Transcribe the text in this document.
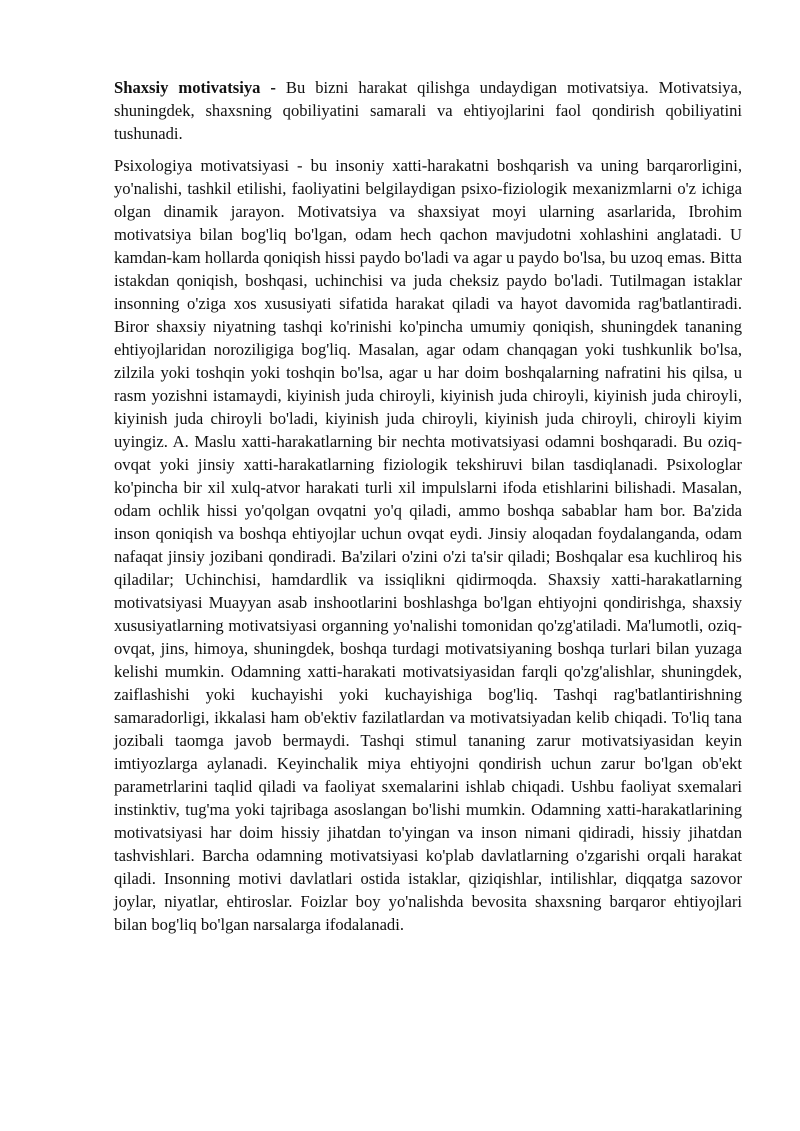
Shaxsiy motivatsiya - Bu bizni harakat qilishga undaydigan motivatsiya. Motivatsiya, shuningdek, shaxsning qobiliyatini samarali va ehtiyojlarini faol qondirish qobiliyatini tushunadi.

Psixologiya motivatsiyasi - bu insoniy xatti-harakatni boshqarish va uning barqarorligini, yo'nalishi, tashkil etilishi, faoliyatini belgilaydigan psixo-fiziologik mexanizmlarni o'z ichiga olgan dinamik jarayon. Motivatsiya va shaxsiyat moyi ularning asarlarida, Ibrohim motivatsiya bilan bog'liq bo'lgan, odam hech qachon mavjudotni xohlashini anglatadi. U kamdan-kam hollarda qoniqish hissi paydo bo'ladi va agar u paydo bo'lsa, bu uzoq emas. Bitta istakdan qoniqish, boshqasi, uchinchisi va juda cheksiz paydo bo'ladi. Tutilmagan istaklar insonning o'ziga xos xususiyati sifatida harakat qiladi va hayot davomida rag'batlantiradi. Biror shaxsiy niyatning tashqi ko'rinishi ko'pincha umumiy qoniqish, shuningdek tananing ehtiyojlaridan noroziligiga bog'liq. Masalan, agar odam chanqagan yoki tushkunlik bo'lsa, zilzila yoki toshqin yoki toshqin bo'lsa, agar u har doim boshqalarning nafratini his qilsa, u rasm yozishni istamaydi, kiyinish juda chiroyli, kiyinish juda chiroyli, kiyinish juda chiroyli, kiyinish juda chiroyli bo'ladi, kiyinish juda chiroyli, kiyinish juda chiroyli, chiroyli kiyim uyingiz. A. Maslu xatti-harakatlarning bir nechta motivatsiyasi odamni boshqaradi. Bu oziq-ovqat yoki jinsiy xatti-harakatlarning fiziologik tekshiruvi bilan tasdiqlanadi. Psixologlar ko'pincha bir xil xulq-atvor harakati turli xil impulslarni ifoda etishlarini bilishadi. Masalan, odam ochlik hissi yo'qolgan ovqatni yo'q qiladi, ammo boshqa sabablar ham bor. Ba'zida inson qoniqish va boshqa ehtiyojlar uchun ovqat eydi. Jinsiy aloqadan foydalanganda, odam nafaqat jinsiy jozibani qondiradi. Ba'zilari o'zini o'zi ta'sir qiladi; Boshqalar esa kuchliroq his qiladilar; Uchinchisi, hamdardlik va issiqlikni qidirmoqda. Shaxsiy xatti-harakatlarning motivatsiyasi Muayyan asab inshootlarini boshlashga bo'lgan ehtiyojni qondirishga, shaxsiy xususiyatlarning motivatsiyasi organning yo'nalishi tomonidan qo'zg'atiladi. Ma'lumotli, oziq-ovqat, jins, himoya, shuningdek, boshqa turdagi motivatsiyaning boshqa turlari bilan yuzaga kelishi mumkin. Odamning xatti-harakati motivatsiyasidan farqli qo'zg'alishlar, shuningdek, zaiflashishi yoki kuchayishi yoki kuchayishiga bog'liq. Tashqi rag'batlantirishning samaradorligi, ikkalasi ham ob'ektiv fazilatlardan va motivatsiyadan kelib chiqadi. To'liq tana jozibali taomga javob bermaydi. Tashqi stimul tananing zarur motivatsiyasidan keyin imtiyozlarga aylanadi. Keyinchalik miya ehtiyojni qondirish uchun zarur bo'lgan ob'ekt parametrlarini taqlid qiladi va faoliyat sxemalarini ishlab chiqadi. Ushbu faoliyat sxemalari instinktiv, tug'ma yoki tajribaga asoslangan bo'lishi mumkin. Odamning xatti-harakatlarining motivatsiyasi har doim hissiy jihatdan to'yingan va inson nimani qidiradi, hissiy jihatdan tashvishlari. Barcha odamning motivatsiyasi ko'plab davlatlarning o'zgarishi orqali harakat qiladi. Insonning motivi davlatlari ostida istaklar, qiziqishlar, intilishlar, diqqatga sazovor joylar, niyatlar, ehtiroslar. Foizlar boy yo'nalishda bevosita shaxsning barqaror ehtiyojlari bilan bog'liq bo'lgan narsalarga ifodalanadi.
